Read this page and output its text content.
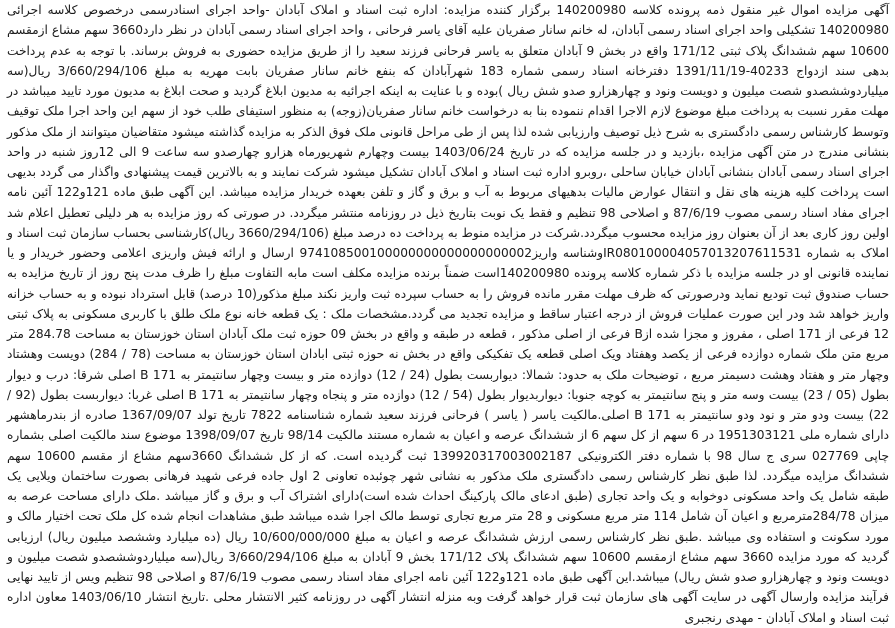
آگهی مزایده اموال غیر منقول ذمه پرونده کلاسه 140200980 برگزار کننده مزایده: اداره ثبت اسناد و املاک آبادان -واحد اجرای اسنادرسمی درخصوص کلاسه اجرائی 140200980 تشکیلی واحد اجرای اسناد رسمی آبادان، له خانم سانار صفریان علیه آقای یاسر فرحانی ، واحد اجرای اسناد رسمی آبادان در نظر دارد3660 سهم مشاع ازمقسم 10600 سهم ششدانگ پلاک ثبتی 171/12 واقع در بخش 9 آبادان متعلق به یاسر فرحانی فرزند سعید را از طریق مزایده حضوری به فروش برساند. با توجه به عدم پرداخت بدهی سند ازدواج 40233-1391/11/19 دفترخانه اسناد رسمی شماره 183 شهرآبادان که بنفع خانم سانار صفریان بابت مهریه به مبلغ 3/660/294/106 ریال(سه میلیاردوششصدو شصت میلیون و دویست ونود و چهارهزارو صدو شش ریال )بوده و با عنایت به اینکه اجرائیه به مدیون ابلاغ گردید و صحت ابلاغ به مدیون مورد تایید میباشد در مهلت مقرر نسبت به پرداخت مبلغ موضوع لازم الاجرا اقدام ننموده بنا به درخواست خانم سانار صفریان(زوجه) به منظور استیفای طلب خود از سهم این واحد اجرا ملک توقیف وتوسط کارشناس رسمی دادگستری به شرح ذیل توصیف وارزیابی شده لذا پس از طی مراحل قانونی ملک فوق الذکر به مزایده گذاشته میشود متقاضیان میتوانند از ملک مذکور بنشانی مندرج در متن آگهی مزایده ،بازدید و در جلسه مزایده که در تاریخ 1403/06/24 بیست وچهارم شهریورماه هزارو چهارصدو سه ساعت 9 الی 12روز شنبه در واحد اجرای اسناد رسمی آبادان بنشانی آبادان خیابان ساحلی ،روبرو اداره ثبت اسناد و املاک آبادان تشکیل میشود شرکت نمایند و به بالاترین قیمت پیشنهادی واگذار می گردد بدیهی است پرداخت کلیه هزینه های نقل و انتقال عوارض مالیات بدهیهای مربوط به آب و برق و گاز و تلفن بعهده خریدار مزایده میباشد. این آگهی طبق ماده 121و122 آئین نامه اجرای مفاد اسناد رسمی مصوب 87/6/19 و اصلاحی 98 تنظیم و فقط یک نوبت بتاریخ ذیل در روزنامه منتشر میگردد. در صورتی که روز مزایده به هر دلیلی تعطیل اعلام شد اولین روز کاری بعد از آن بعنوان روز مزایده محسوب میگردد.شرکت در مزایده منوط به پرداخت ده درصد مبلغ (3660/294/106 ریال)کارشناسی بحساب سازمان ثبت اسناد و املاک به شماره IR080100004057013207611531وشناسه واریز974108500100000000000000000002 ارسال و ارائه فیش واریزی اعلامی وحضور خریدار و یا نماینده قانونی او در جلسه مزایده با ذکر شماره کلاسه پرونده 140200980است ضمناً برنده مزایده مکلف است مابه التفاوت مبلغ را ظرف مدت پنج روز از تاریخ مزایده به حساب صندوق ثبت تودیع نماید ودرصورتی که ظرف مهلت مقرر مانده فروش را به حساب سپرده ثبت واریز نکند مبلغ مذکور(10 درصد) قابل استرداد نبوده و به حساب خزانه واریز خواهد شد ودر این صورت عملیات فروش از درجه اعتبار ساقط و مزایده تجدید می گردد.مشخصات ملک : یک قطعه خانه نوع ملک طلق با کاربری مسکونی به پلاک ثبتی 12 فرعی از 171 اصلی ، مفروز و مجزا شده ازB فرعی از اصلی مذکور ، قطعه در طبقه و واقع در بخش 09 حوزه ثبت ملک آبادان استان خوزستان به مساحت 284.78 متر مربع متن ملک شماره دوازده فرعی از یکصد وهفتاد ویک اصلی قطعه یک تفکیکی واقع در بخش نه حوزه ثبتی ابادان استان خوزستان به مساحت (78 / 284) دویست وهشتاد وچهار متر و هفتاد وهشت دسیمتر مربع ، توضیحات ملک به حدود: شمالا: دیواربست بطول (24 / 12) دوازده متر و بیست وچهار سانتیمتر به 171 B اصلی شرقا: درب و دیوار بطول (05 / 23) بیست وسه متر و پنج سانتیمتر به کوچه جنوبا: دیواربدیوار بطول (54 / 12) دوازده متر و پنجاه وچهار سانتیمتر به 171 B اصلی غربا: دیواربست بطول (92 / 22) بیست ودو متر و نود ودو سانتیمتر به 171 B اصلی.مالکیت یاسر ( یاسر ) فرحانی فرزند سعید شماره شناسنامه 7822 تاریخ تولد 1367/09/07 صادره از بندرماهشهر دارای شماره ملی 1951303121 در 6 سهم از کل سهم 6 از ششدانگ عرصه و اعیان به شماره مستند مالکیت 98/14 تاریخ 1398/09/07 موضوع سند مالکیت اصلی بشماره چاپی 027769 سری ج سال 98 با شماره دفتر الکترونیکی 139920317003002187 ثبت گردیده است. که از کل ششدانگ 3660سهم مشاع از مقسم 10600 سهم ششدانگ مزایده میگردد. لذا طبق نظر کارشناس رسمی دادگستری ملک مذکور به نشانی شهر چوئبده تعاونی 2 اول جاده فرعی شهید فرهانی بصورت ساختمان ویلایی یک طبقه شامل یک واحد مسکونی دوخوابه و یک واحد تجاری (طبق ادعای مالک پارکینگ احداث شده است)دارای اشتراک آب و برق و گاز میباشد .ملک دارای مساحت عرصه به میزان 284/78مترمربع و اعیان آن شامل 114 متر مربع مسکونی و 28 متر مربع تجاری توسط مالک اجرا شده میباشد طبق مشاهدات انجام شده کل ملک تحت اختیار مالک و مورد سکونت و استفاده وی میباشد .طبق نظر کارشناس رسمی ارزش ششدانگ عرصه و اعیان به مبلغ 10/600/000/000 ریال (ده میلیارد وششصد میلیون ریال) ارزیابی گردید که مورد مزایده 3660 سهم مشاع ازمقسم 10600 سهم ششدانگ پلاک 171/12 بخش 9 آبادان به مبلغ 3/660/294/106 ریال(سه میلیاردوششصدو شصت میلیون و دویست ونود و چهارهزارو صدو شش ریال) میباشد.این آگهی طبق ماده 121و122 آئین نامه اجرای مفاد اسناد رسمی مصوب 87/6/19 و اصلاحی 98 تنظیم ویس از تایید نهایی فرآیند مزایده وارسال آگهی در سایت آگهی های سازمان ثبت قرار خواهد گرفت وبه منزله انتشار آگهی در روزنامه کثیر الانتشار محلی .تاریخ انتشار 1403/06/10 معاون اداره ثبت اسناد و املاک آبادان - مهدی رنجبری
